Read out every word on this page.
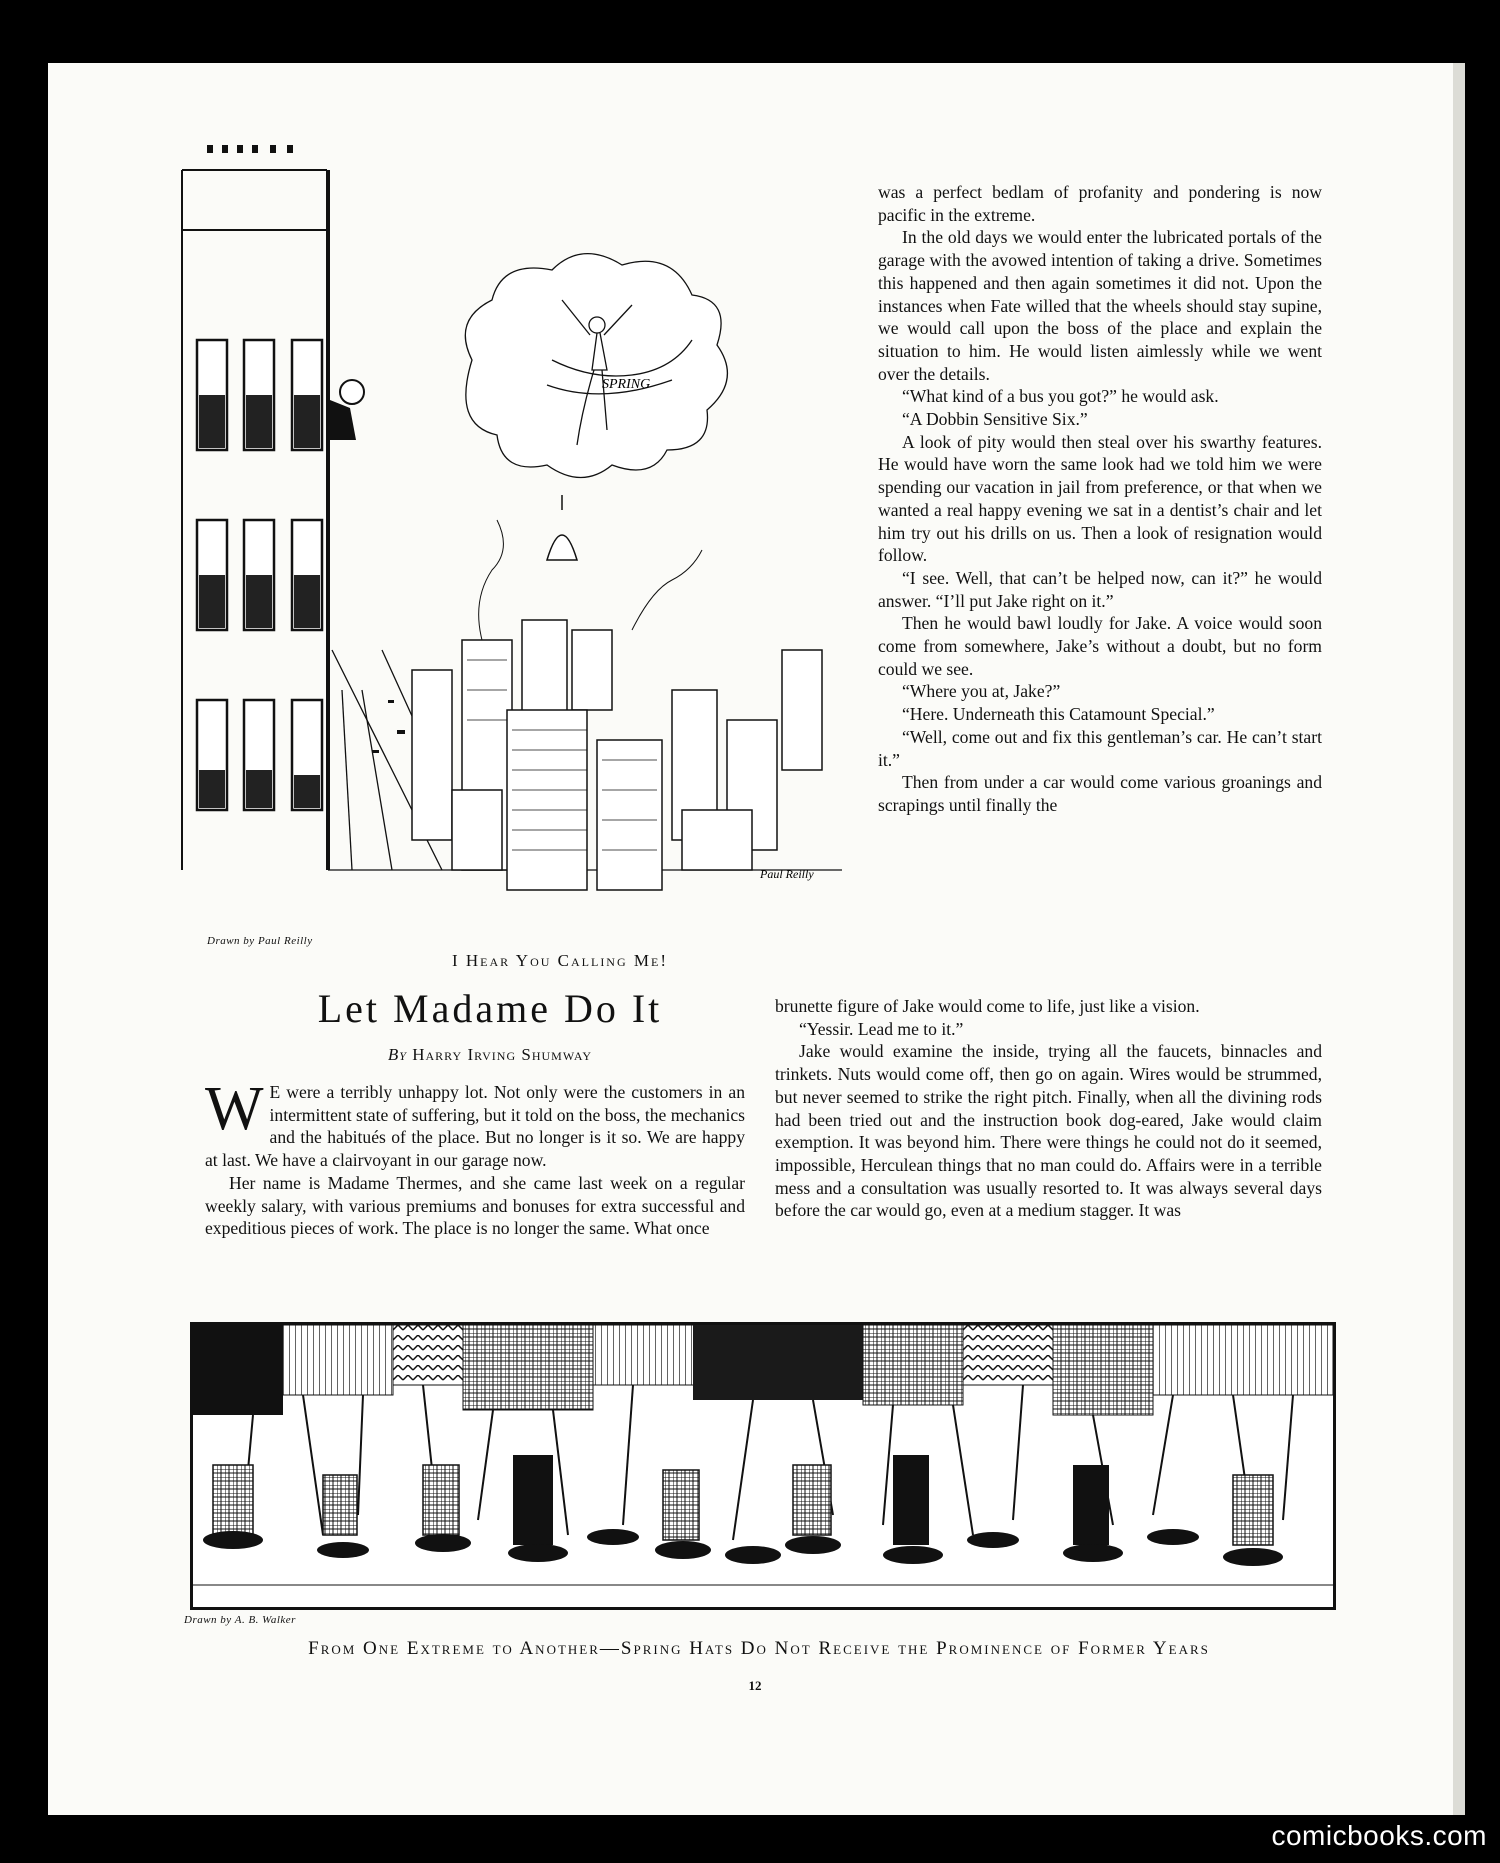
SPRING
Paul Reilly
Drawn by Paul Reilly
I Hear You Calling Me!
Let Madame Do It
By Harry Irving Shumway

W E were a terribly unhappy lot. Not only were the customers in an intermittent state of suffering, but it told on the boss, the mechanics and the habitués of the place. But no longer is it so. We are happy at last. We have a clairvoyant in our garage now.

Her name is Madame Thermes, and she came last week on a regular weekly salary, with various premiums and bonuses for extra successful and expeditious pieces of work. The place is no longer the same. What once

was a perfect bedlam of profanity and pondering is now pacific in the extreme.

In the old days we would enter the lubricated portals of the garage with the avowed intention of taking a drive. Sometimes this happened and then again sometimes it did not. Upon the instances when Fate willed that the wheels should stay supine, we would call upon the boss of the place and explain the situation to him. He would listen aimlessly while we went over the details.

“What kind of a bus you got?” he would ask.

“A Dobbin Sensitive Six.”

A look of pity would then steal over his swarthy features. He would have worn the same look had we told him we were spending our vacation in jail from preference, or that when we wanted a real happy evening we sat in a dentist’s chair and let him try out his drills on us. Then a look of resignation would follow.

“I see. Well, that can’t be helped now, can it?” he would answer. “I’ll put Jake right on it.”

Then he would bawl loudly for Jake. A voice would soon come from somewhere, Jake’s without a doubt, but no form could we see.

“Where you at, Jake?”

“Here. Underneath this Catamount Special.”

“Well, come out and fix this gentleman’s car. He can’t start it.”

Then from under a car would come various groanings and scrapings until finally the

brunette figure of Jake would come to life, just like a vision.

“Yessir. Lead me to it.”

Jake would examine the inside, trying all the faucets, binnacles and trinkets. Nuts would come off, then go on again. Wires would be strummed, but never seemed to strike the right pitch. Finally, when all the divining rods had been tried out and the instruction book dog-eared, Jake would claim exemption. It was beyond him. There were things he could not do it seemed, impossible, Herculean things that no man could do. Affairs were in a terrible mess and a consultation was usually resorted to. It was always several days before the car would go, even at a medium stagger. It was

Drawn by A. B. Walker
From One Extreme to Another—Spring Hats Do Not Receive the Prominence of Former Years
12
comicbooks.com
